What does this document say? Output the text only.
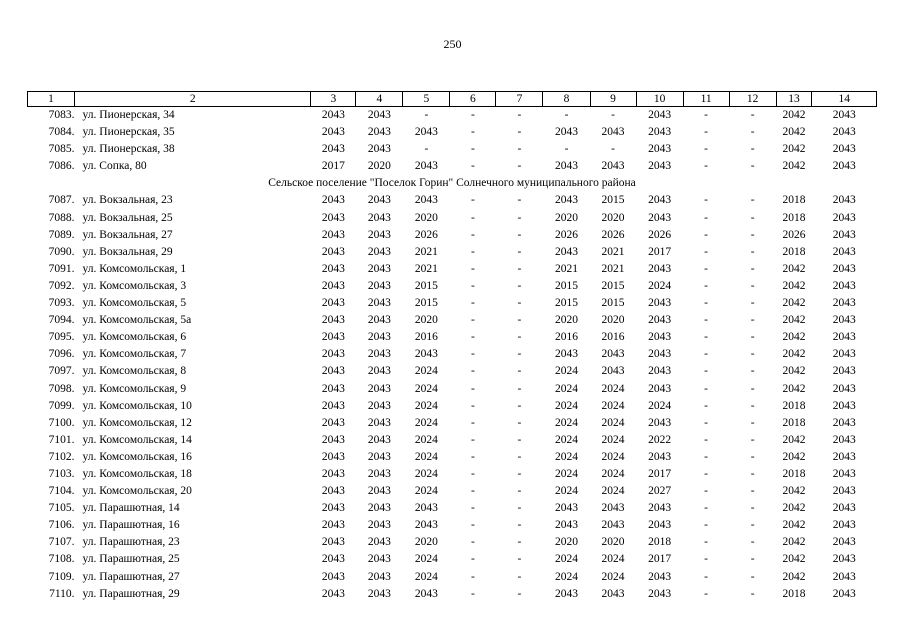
250
1	2	3	4	5	6	7	8	9	10	11	12	13	14
7083.	ул. Пионерская, 34	2043	2043	-	-	-	-	-	2043	-	-	2042	2043
7084.	ул. Пионерская, 35	2043	2043	2043	-	-	2043	2043	2043	-	-	2042	2043
7085.	ул. Пионерская, 38	2043	2043	-	-	-	-	-	2043	-	-	2042	2043
7086.	ул. Сопка, 80	2017	2020	2043	-	-	2043	2043	2043	-	-	2042	2043
Сельское поселение "Поселок Горин" Солнечного муниципального района													
7087.	ул. Вокзальная, 23	2043	2043	2043	-	-	2043	2015	2043	-	-	2018	2043
7088.	ул. Вокзальная, 25	2043	2043	2020	-	-	2020	2020	2043	-	-	2018	2043
7089.	ул. Вокзальная, 27	2043	2043	2026	-	-	2026	2026	2026	-	-	2026	2043
7090.	ул. Вокзальная, 29	2043	2043	2021	-	-	2043	2021	2017	-	-	2018	2043
7091.	ул. Комсомольская, 1	2043	2043	2021	-	-	2021	2021	2043	-	-	2042	2043
7092.	ул. Комсомольская, 3	2043	2043	2015	-	-	2015	2015	2024	-	-	2042	2043
7093.	ул. Комсомольская, 5	2043	2043	2015	-	-	2015	2015	2043	-	-	2042	2043
7094.	ул. Комсомольская, 5а	2043	2043	2020	-	-	2020	2020	2043	-	-	2042	2043
7095.	ул. Комсомольская, 6	2043	2043	2016	-	-	2016	2016	2043	-	-	2042	2043
7096.	ул. Комсомольская, 7	2043	2043	2043	-	-	2043	2043	2043	-	-	2042	2043
7097.	ул. Комсомольская, 8	2043	2043	2024	-	-	2024	2043	2043	-	-	2042	2043
7098.	ул. Комсомольская, 9	2043	2043	2024	-	-	2024	2024	2043	-	-	2042	2043
7099.	ул. Комсомольская, 10	2043	2043	2024	-	-	2024	2024	2024	-	-	2018	2043
7100.	ул. Комсомольская, 12	2043	2043	2024	-	-	2024	2024	2043	-	-	2018	2043
7101.	ул. Комсомольская, 14	2043	2043	2024	-	-	2024	2024	2022	-	-	2042	2043
7102.	ул. Комсомольская, 16	2043	2043	2024	-	-	2024	2024	2043	-	-	2042	2043
7103.	ул. Комсомольская, 18	2043	2043	2024	-	-	2024	2024	2017	-	-	2018	2043
7104.	ул. Комсомольская, 20	2043	2043	2024	-	-	2024	2024	2027	-	-	2042	2043
7105.	ул. Парашютная, 14	2043	2043	2043	-	-	2043	2043	2043	-	-	2042	2043
7106.	ул. Парашютная, 16	2043	2043	2043	-	-	2043	2043	2043	-	-	2042	2043
7107.	ул. Парашютная, 23	2043	2043	2020	-	-	2020	2020	2018	-	-	2042	2043
7108.	ул. Парашютная, 25	2043	2043	2024	-	-	2024	2024	2017	-	-	2042	2043
7109.	ул. Парашютная, 27	2043	2043	2024	-	-	2024	2024	2043	-	-	2042	2043
7110.	ул. Парашютная, 29	2043	2043	2043	-	-	2043	2043	2043	-	-	2018	2043
